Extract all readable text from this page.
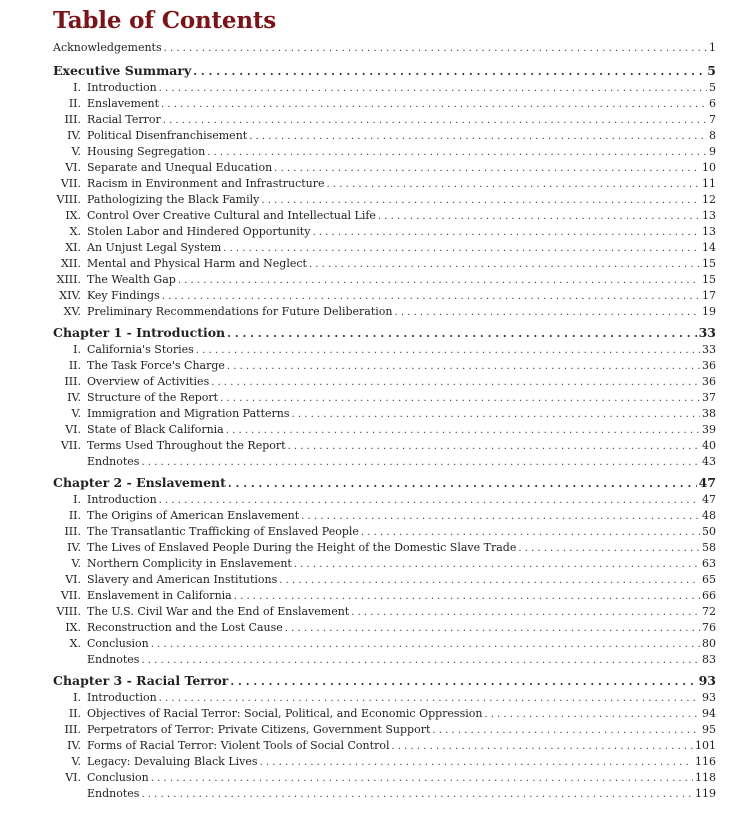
Table of Contents
Acknowledgements . . .	1
Executive Summary . . .	5
I. Introduction . . .	5
II. Enslavement . . .	6
III. Racial Terror . . .	7
IV. Political Disenfranchisement . . .	8
V. Housing Segregation . . .	9
VI. Separate and Unequal Education . . .	10
VII. Racism in Environment and Infrastructure . . .	11
VIII. Pathologizing the Black Family . . .	12
IX. Control Over Creative Cultural and Intellectual Life . . .	13
X. Stolen Labor and Hindered Opportunity . . .	13
XI. An Unjust Legal System . . .	14
XII. Mental and Physical Harm and Neglect . . .	15
XIII. The Wealth Gap . . .	15
XIV. Key Findings . . .	17
XV. Preliminary Recommendations for Future Deliberation . . .	19
Chapter 1 - Introduction . . .	33
I. California's Stories . . .	33
II. The Task Force's Charge . . .	36
III. Overview of Activities . . .	36
IV. Structure of the Report . . .	37
V. Immigration and Migration Patterns . . .	38
VI. State of Black California . . .	39
VII. Terms Used Throughout the Report . . .	40
Endnotes . . .	43
Chapter 2 - Enslavement . . .	47
I. Introduction . . .	47
II. The Origins of American Enslavement . . .	48
III. The Transatlantic Trafficking of Enslaved People . . .	50
IV. The Lives of Enslaved People During the Height of the Domestic Slave Trade . . .	58
V. Northern Complicity in Enslavement . . .	63
VI. Slavery and American Institutions . . .	65
VII. Enslavement in California . . .	66
VIII. The U.S. Civil War and the End of Enslavement . . .	72
IX. Reconstruction and the Lost Cause . . .	76
X. Conclusion . . .	80
Endnotes . . .	83
Chapter 3 - Racial Terror . . .	93
I. Introduction . . .	93
II. Objectives of Racial Terror: Social, Political, and Economic Oppression . . .	94
III. Perpetrators of Terror: Private Citizens, Government Support . . .	95
IV. Forms of Racial Terror: Violent Tools of Social Control . . .	101
V. Legacy: Devaluing Black Lives . . .	116
VI. Conclusion . . .	118
Endnotes . . .	119
